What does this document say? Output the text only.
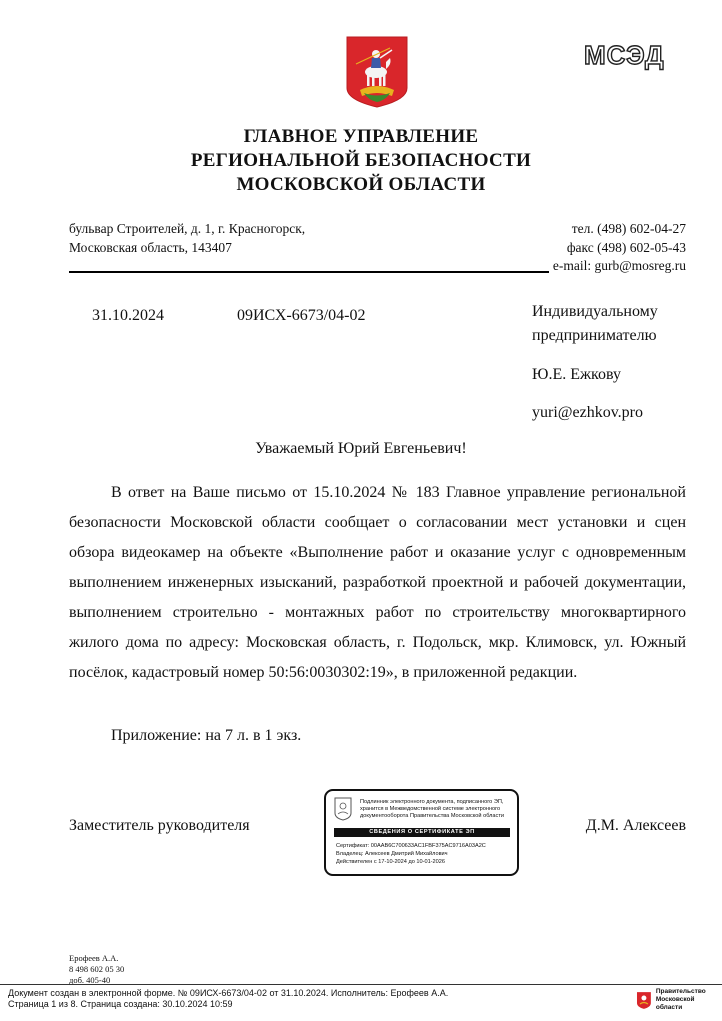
МСЭД
ГЛАВНОЕ УПРАВЛЕНИЕ
РЕГИОНАЛЬНОЙ БЕЗОПАСНОСТИ
МОСКОВСКОЙ ОБЛАСТИ
бульвар Строителей, д. 1, г. Красногорск,
Московская область, 143407
тел. (498) 602-04-27
факс (498) 602-05-43
e-mail: gurb@mosreg.ru
31.10.2024	09ИСХ-6673/04-02	Индивидуальному
предпринимателю
Ю.Е. Ежкову
yuri@ezhkov.pro
Уважаемый Юрий Евгеньевич!

В ответ на Ваше письмо от 15.10.2024 № 183 Главное управление региональной безопасности Московской области сообщает о согласовании мест установки и сцен обзора видеокамер на объекте «Выполнение работ и оказание услуг с одновременным выполнением инженерных изысканий, разработкой проектной и рабочей документации, выполнением строительно - монтажных работ по строительству многоквартирного жилого дома по адресу: Московская область, г. Подольск, мкр. Климовск, ул. Южный посёлок, кадастровый номер 50:56:0030302:19», в приложенной редакции.

Приложение: на 7 л. в 1 экз.
Заместитель руководителя	Д.М. Алексеев
Подлинник электронного документа, подписанного ЭП,
хранится в Межведомственной системе электронного
документооборота Правительства Московской области
СВЕДЕНИЯ О СЕРТИФИКАТЕ ЭП
Сертификат: 00AAB6C700633AC1FBF375AC9716A03A2C
Владелец: Алексеев Дмитрий Михайлович
Действителен с 17-10-2024 до 10-01-2026
Ерофеев А.А.
8 498 602 05 30
доб. 405-40
Документ создан в электронной форме. № 09ИСХ-6673/04-02 от 31.10.2024. Исполнитель: Ерофеев А.А.
Страница 1 из 8. Страница создана: 30.10.2024 10:59
Правительство
Московской области
